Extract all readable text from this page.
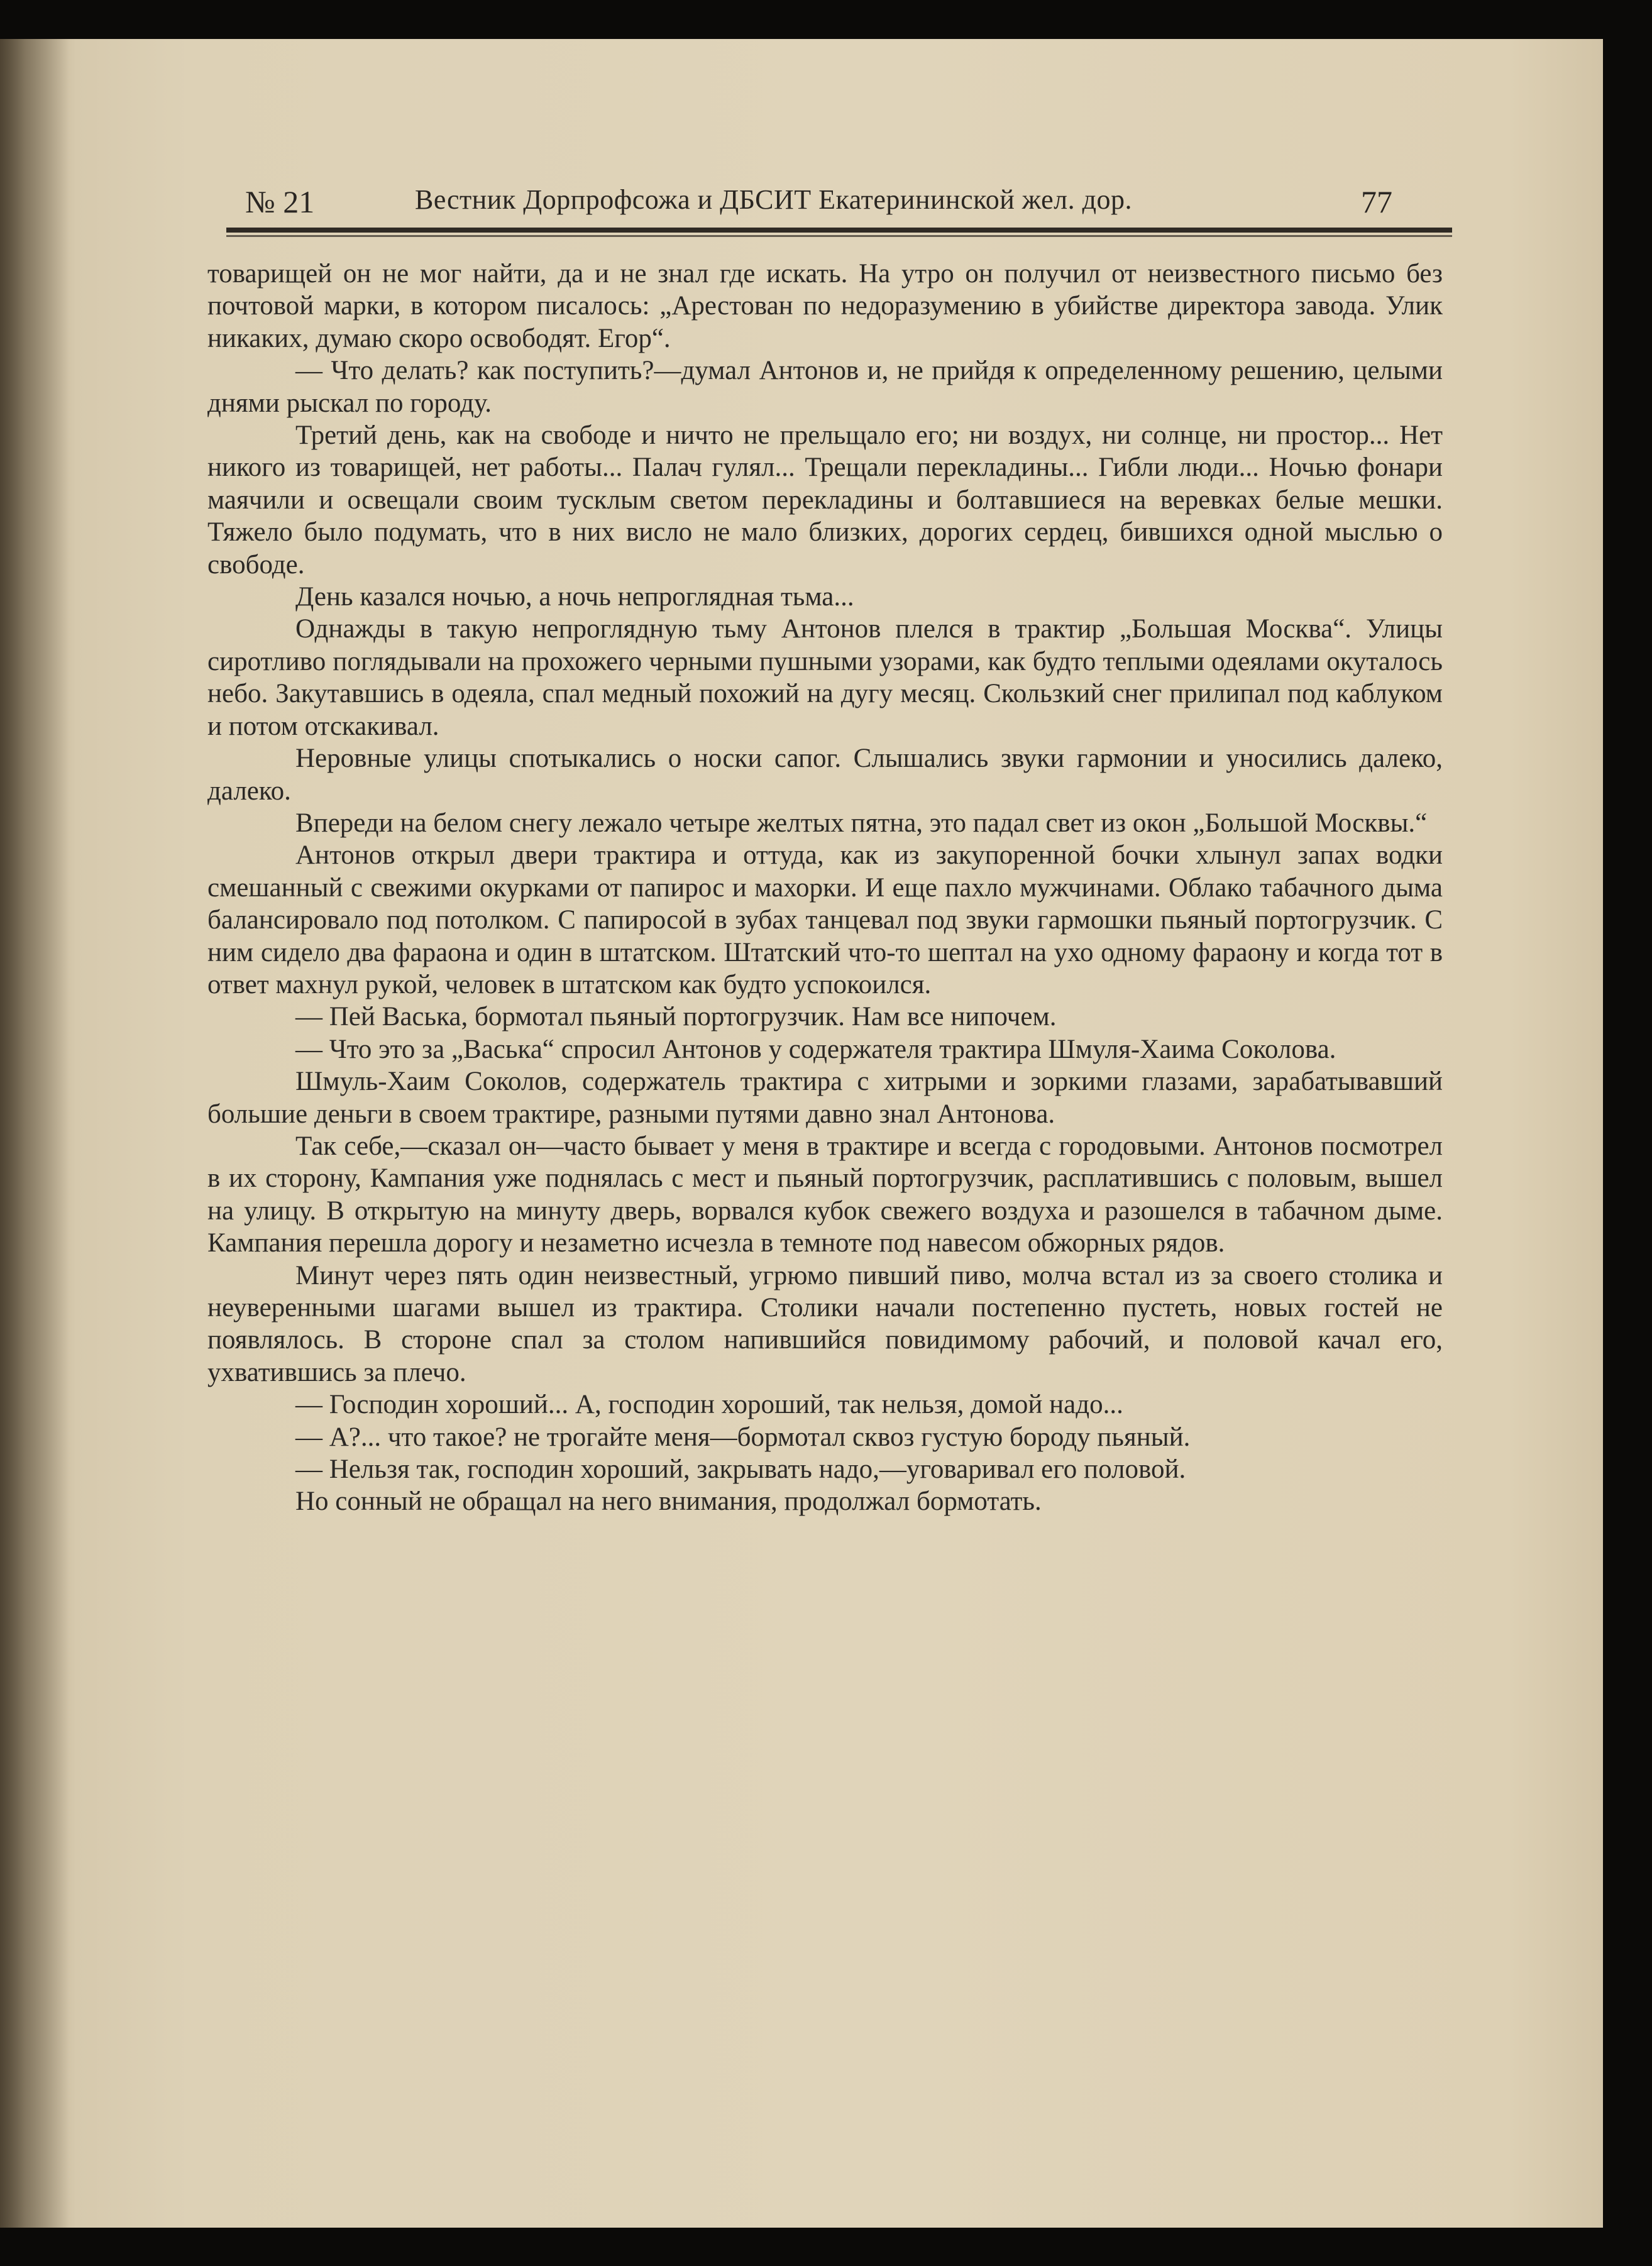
№ 21	Вестник Дорпрофсожа и ДБСИТ Екатерининской жел. дор.	77

товарищей он не мог найти, да и не знал где искать. На утро он получил от неизвестного письмо без почтовой марки, в котором писалось: „Арестован по недоразумению в убийстве директора завода. Улик никаких, думаю скоро освободят. Егор“.

— Что делать? как поступить?—думал Антонов и, не прийдя к определенному решению, целыми днями рыскал по городу.

Третий день, как на свободе и ничто не прельщало его; ни воздух, ни солнце, ни простор... Нет никого из товарищей, нет работы... Палач гулял... Трещали перекладины... Гибли люди... Ночью фонари маячили и освещали своим тусклым светом перекладины и болтавшиеся на веревках белые мешки. Тяжело было подумать, что в них висло не мало близких, дорогих сердец, бившихся одной мыслью о свободе.

День казался ночью, а ночь непроглядная тьма...

Однажды в такую непроглядную тьму Антонов плелся в трактир „Большая Москва“. Улицы сиротливо поглядывали на прохожего черными пушными узорами, как будто теплыми одеялами окуталось небо. Закутавшись в одеяла, спал медный похожий на дугу месяц. Скользкий снег прилипал под каблуком и потом отскакивал.

Неровные улицы спотыкались о носки сапог. Слышались звуки гармонии и уносились далеко, далеко.

Впереди на белом снегу лежало четыре желтых пятна, это падал свет из окон „Большой Москвы.“

Антонов открыл двери трактира и оттуда, как из закупоренной бочки хлынул запах водки смешанный с свежими окурками от папирос и махорки. И еще пахло мужчинами. Облако табачного дыма балансировало под потолком. С папиросой в зубах танцевал под звуки гармошки пьяный портогрузчик. С ним сидело два фараона и один в штатском. Штатский что-то шептал на ухо одному фараону и когда тот в ответ махнул рукой, человек в штатском как будто успокоился.

— Пей Васька, бормотал пьяный портогрузчик. Нам все нипочем.

— Что это за „Васька“ спросил Антонов у содержателя трактира Шмуля-Хаима Соколова.

Шмуль-Хаим Соколов, содержатель трактира с хитрыми и зоркими глазами, зарабатывавший большие деньги в своем трактире, разными путями давно знал Антонова.

Так себе,—сказал он—часто бывает у меня в трактире и всегда с городовыми. Антонов посмотрел в их сторону, Кампания уже поднялась с мест и пьяный портогрузчик, расплатившись с половым, вышел на улицу. В открытую на минуту дверь, ворвался кубок свежего воздуха и разошелся в табачном дыме. Кампания перешла дорогу и незаметно исчезла в темноте под навесом обжорных рядов.

Минут через пять один неизвестный, угрюмо пивший пиво, молча встал из за своего столика и неуверенными шагами вышел из трактира. Столики начали постепенно пустеть, новых гостей не появлялось. В стороне спал за столом напившийся повидимому рабочий, и половой качал его, ухватившись за плечо.

— Господин хороший... А, господин хороший, так нельзя, домой надо...

— А?... что такое? не трогайте меня—бормотал сквоз густую бороду пьяный.

— Нельзя так, господин хороший, закрывать надо,—уговаривал его половой.

Но сонный не обращал на него внимания, продолжал бормотать.
